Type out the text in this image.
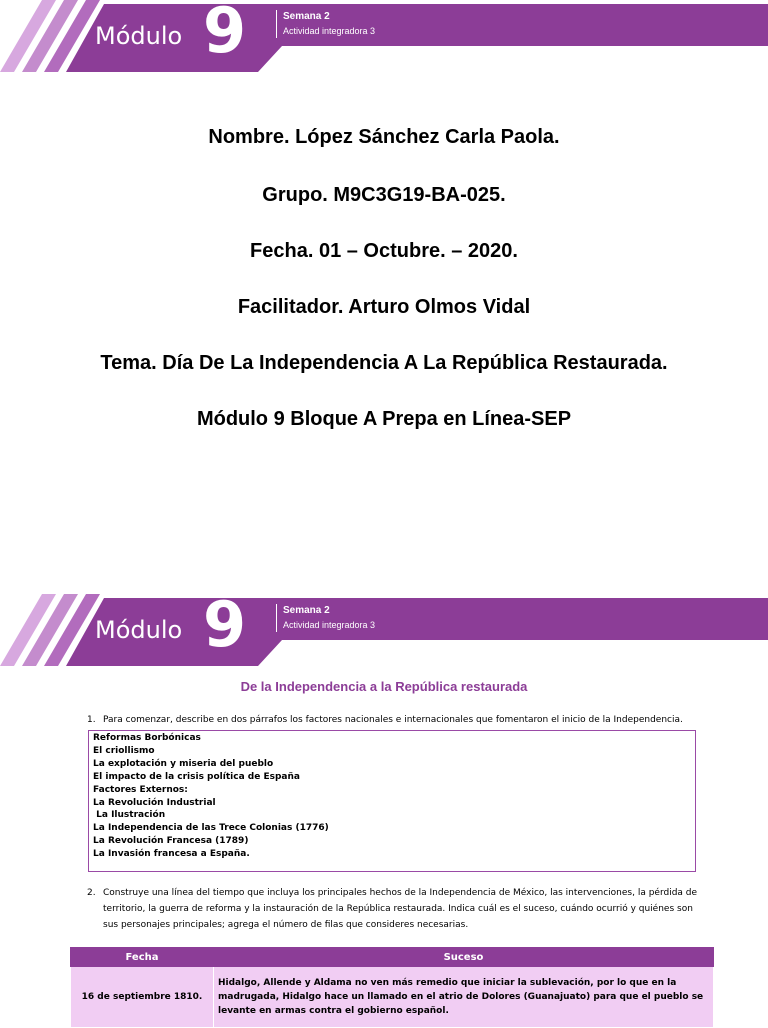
Módulo 9	Semana 2
Actividad integradora 3
Nombre. López Sánchez Carla Paola.
Grupo. M9C3G19-BA-025.
Fecha. 01 – Octubre. – 2020.
Facilitador. Arturo Olmos Vidal
Tema. Día De La Independencia A La República Restaurada.
Módulo 9 Bloque A Prepa en Línea-SEP
Módulo 9	Semana 2
Actividad integradora 3
De la Independencia a la República restaurada
1. Para comenzar, describe en dos párrafos los factores nacionales e internacionales que fomentaron el inicio de la Independencia.
Reformas Borbónicas
El criollismo
La explotación y miseria del pueblo
El impacto de la crisis política de España
Factores Externos:
La Revolución Industrial
La Ilustración
La Independencia de las Trece Colonias (1776)
La Revolución Francesa (1789)
La Invasión francesa a España.
2. Construye una línea del tiempo que incluya los principales hechos de la Independencia de México, las intervenciones, la pérdida de territorio, la guerra de reforma y la instauración de la República restaurada. Indica cuál es el suceso, cuándo ocurrió y quiénes son sus personajes principales; agrega el número de filas que consideres necesarias.
Fecha	Suceso
16 de septiembre 1810.	Hidalgo, Allende y Aldama no ven más remedio que iniciar la sublevación, por lo que en la madrugada, Hidalgo hace un llamado en el atrio de Dolores (Guanajuato) para que el pueblo se levante en armas contra el gobierno español.
